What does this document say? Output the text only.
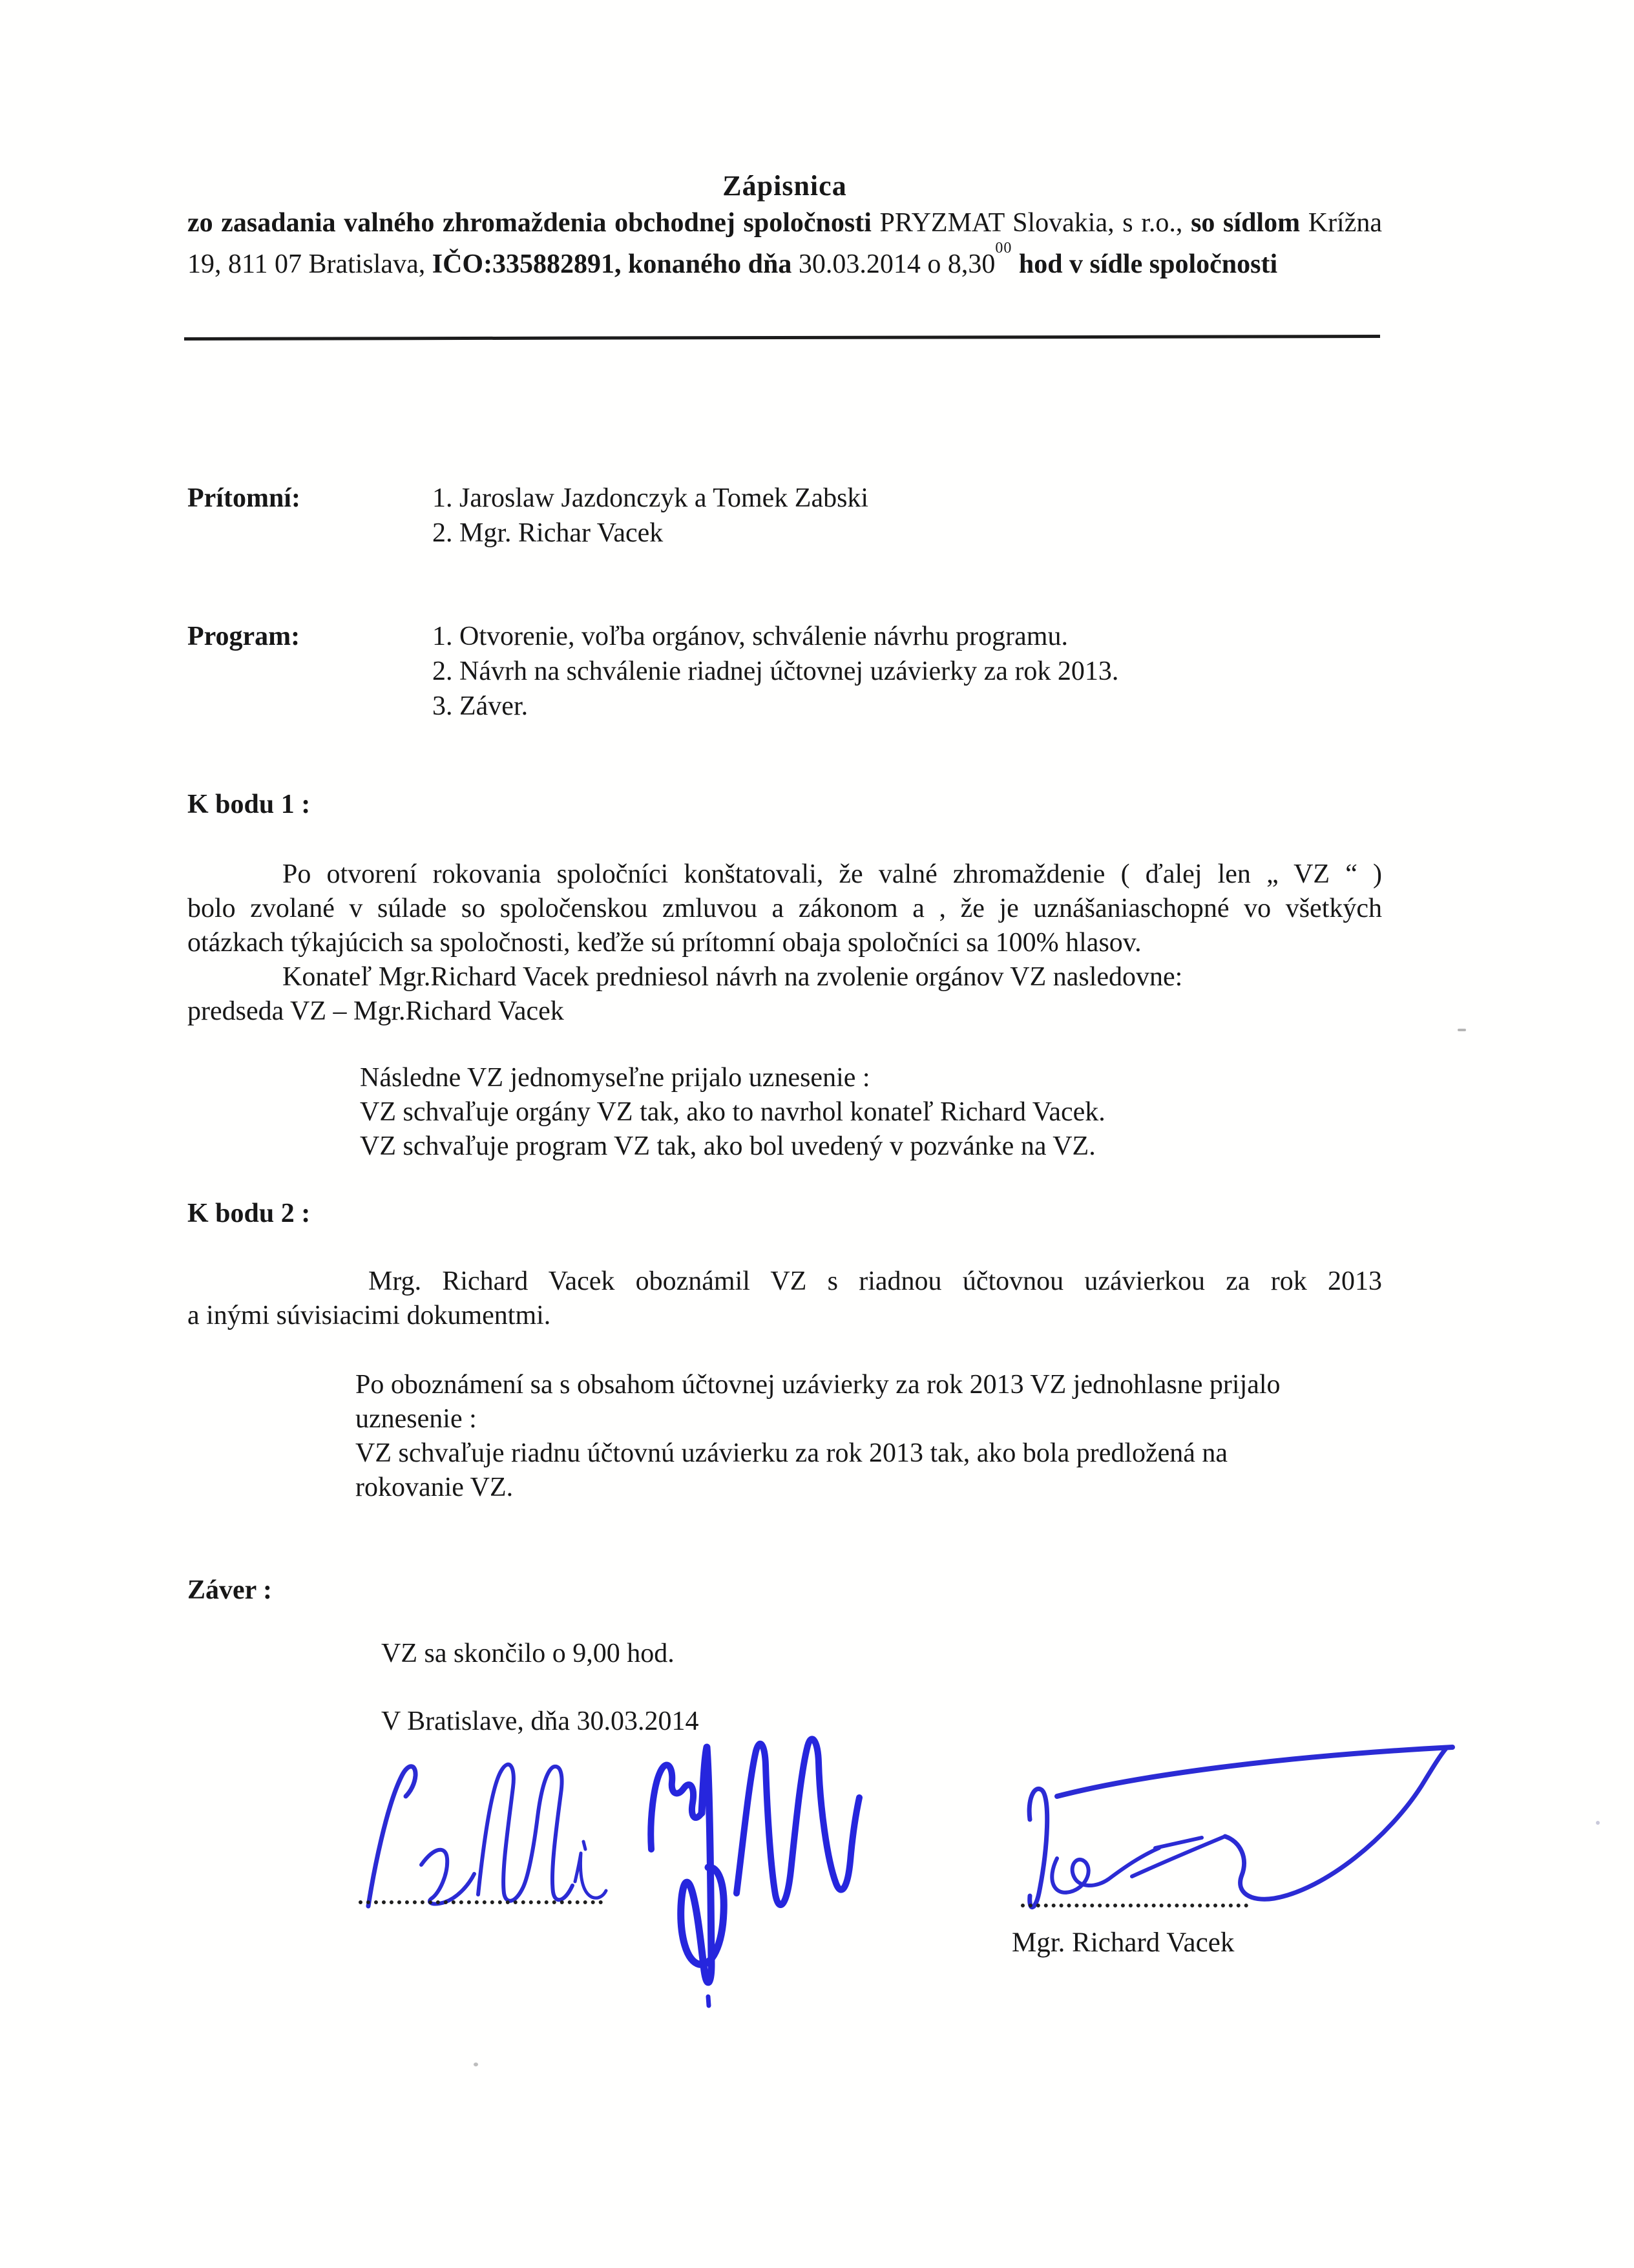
Zápisnica
zo zasadania valného zhromaždenia obchodnej spoločnosti PRYZMAT Slovakia, s r.o., so sídlom Krížna 19, 811 07 Bratislava, IČO:335882891, konaného dňa 30.03.2014 o 8,30$^{00}$ hod v sídle spoločnosti
Prítomní:	1. Jaroslaw Jazdonczyk a Tomek Zabski
2. Mgr. Richar Vacek
Program:	1. Otvorenie, voľba orgánov, schválenie návrhu programu.
2. Návrh na schválenie riadnej účtovnej uzávierky za rok 2013.
3. Záver.
K bodu 1 :
Po otvorení rokovania spoločníci konštatovali, že valné zhromaždenie ( ďalej len „ VZ “ )
bolo zvolané v súlade so spoločenskou zmluvou a zákonom a , že je uznášaniaschopné vo všetkých
otázkach týkajúcich sa spoločnosti, keďže sú prítomní obaja spoločníci sa 100% hlasov.
Konateľ Mgr.Richard Vacek predniesol návrh na zvolenie orgánov VZ nasledovne:
predseda VZ – Mgr.Richard Vacek
Následne VZ jednomyseľne prijalo uznesenie :
VZ schvaľuje orgány VZ tak, ako to navrhol konateľ Richard Vacek.
VZ schvaľuje program VZ tak, ako bol uvedený v pozvánke na VZ.
K bodu 2 :
Mrg. Richard Vacek oboznámil VZ s riadnou účtovnou uzávierkou za rok 2013
a inými súvisiacimi dokumentmi.
Po oboznámení sa s obsahom účtovnej uzávierky za rok 2013 VZ jednohlasne prijalo
uznesenie :
VZ schvaľuje riadnu účtovnú uzávierku za rok 2013 tak, ako bola predložená na
rokovanie VZ.
Záver :
VZ sa skončilo o 9,00 hod.
V Bratislave, dňa 30.03.2014
Mgr. Richard Vacek
